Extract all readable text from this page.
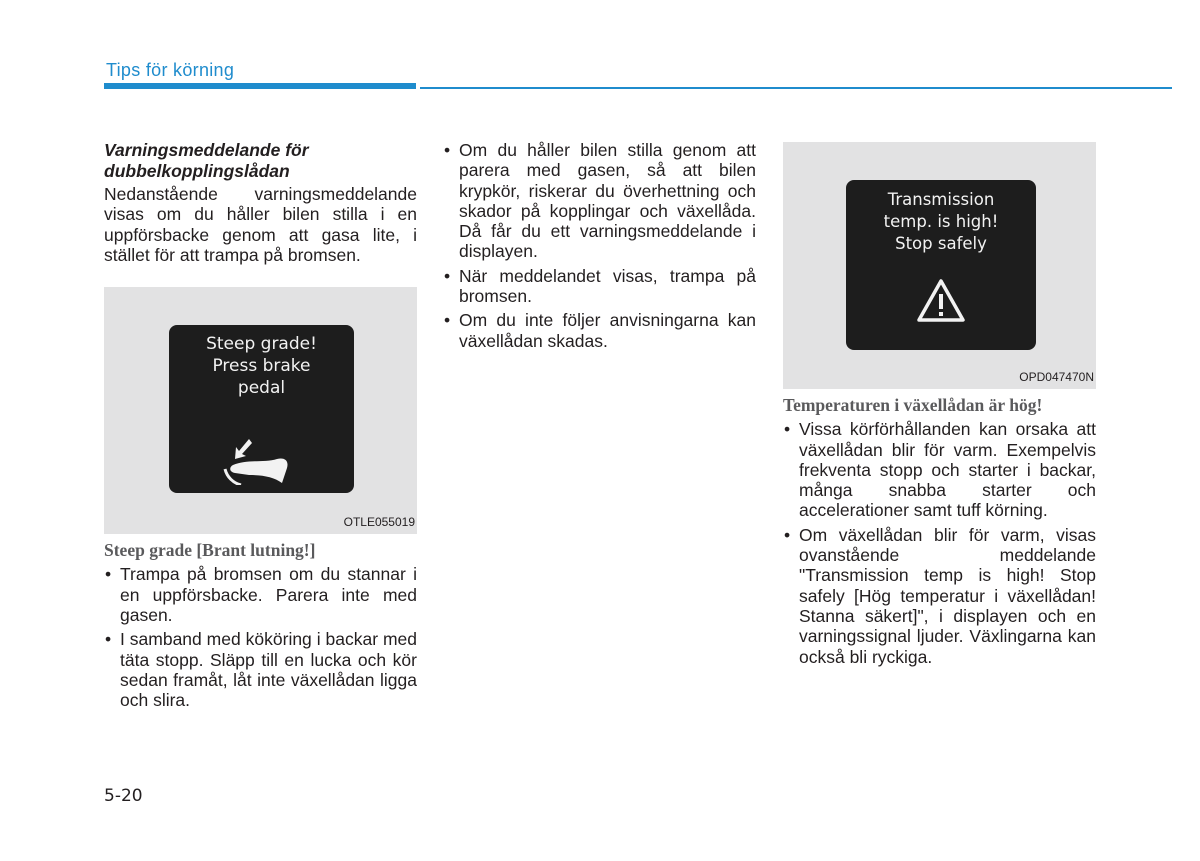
Tips för körning

Varningsmeddelande för dubbelkopplingslådan

Nedanstående varningsmeddelande visas om du håller bilen stilla i en uppförsbacke genom att gasa lite, i stället för att trampa på bromsen.

Steep grade!
Press brake
pedal
OTLE055019
Steep grade [Brant lutning!]
• Trampa på bromsen om du stannar i en uppförsbacke. Parera inte med gasen.
• I samband med kököring i backar med täta stopp. Släpp till en lucka och kör sedan framåt, låt inte växellådan ligga och slira.
• Om du håller bilen stilla genom att parera med gasen, så att bilen krypkör, riskerar du överhettning och skador på kopplingar och växellåda. Då får du ett varningsmeddelande i displayen.
• När meddelandet visas, trampa på bromsen.
• Om du inte följer anvisningarna kan växellådan skadas.
Transmission
temp. is high!
Stop safely
OPD047470N
Temperaturen i växellådan är hög!
• Vissa körförhållanden kan orsaka att växellådan blir för varm. Exempelvis frekventa stopp och starter i backar, många snabba starter och accelerationer samt tuff körning.
• Om växellådan blir för varm, visas ovanstående meddelande "Transmission temp is high! Stop safely [Hög temperatur i växellådan! Stanna säkert]", i displayen och en varningssignal ljuder. Växlingarna kan också bli ryckiga.
5-20
